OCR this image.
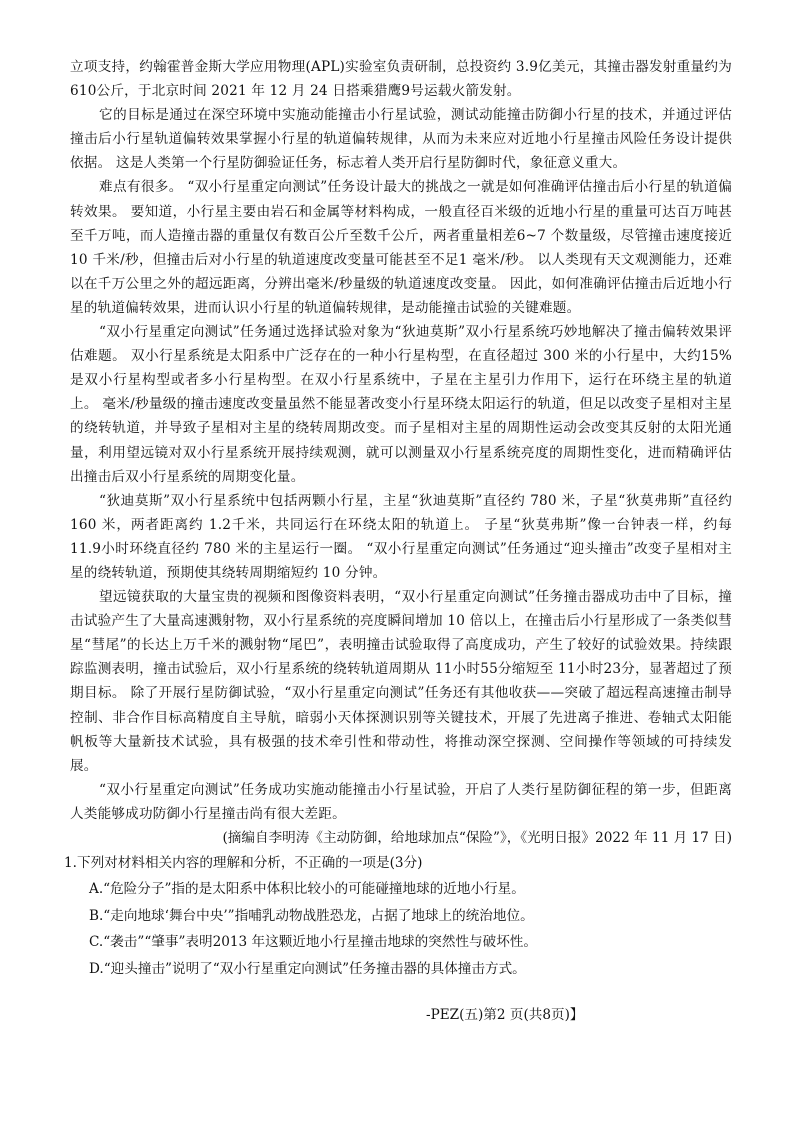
立项支持，约翰霍普金斯大学应用物理(APL)实验室负责研制，总投资约 3.9亿美元，其撞击器发射重量约为610公斤，于北京时间 2021 年 12 月 24 日搭乘猎鹰9号运载火箭发射。

它的目标是通过在深空环境中实施动能撞击小行星试验，测试动能撞击防御小行星的技术，并通过评估撞击后小行星轨道偏转效果掌握小行星的轨道偏转规律，从而为未来应对近地小行星撞击风险任务设计提供依据。 这是人类第一个行星防御验证任务，标志着人类开启行星防御时代，象征意义重大。

难点有很多。 “双小行星重定向测试”任务设计最大的挑战之一就是如何准确评估撞击后小行星的轨道偏转效果。 要知道，小行星主要由岩石和金属等材料构成，一般直径百米级的近地小行星的重量可达百万吨甚至千万吨，而人造撞击器的重量仅有数百公斤至数千公斤，两者重量相差6~7 个数量级，尽管撞击速度接近 10 千米/秒，但撞击后对小行星的轨道速度改变量可能甚至不足1 毫米/秒。 以人类现有天文观测能力，还难以在千万公里之外的超远距离，分辨出毫米/秒量级的轨道速度改变量。 因此，如何准确评估撞击后近地小行星的轨道偏转效果，进而认识小行星的轨道偏转规律，是动能撞击试验的关键难题。

“双小行星重定向测试”任务通过选择试验对象为“狄迪莫斯”双小行星系统巧妙地解决了撞击偏转效果评估难题。 双小行星系统是太阳系中广泛存在的一种小行星构型，在直径超过 300 米的小行星中，大约15%是双小行星构型或者多小行星构型。在双小行星系统中，子星在主星引力作用下，运行在环绕主星的轨道上。 毫米/秒量级的撞击速度改变量虽然不能显著改变小行星环绕太阳运行的轨道，但足以改变子星相对主星的绕转轨道，并导致子星相对主星的绕转周期改变。而子星相对主星的周期性运动会改变其反射的太阳光通量，利用望远镜对双小行星系统开展持续观测，就可以测量双小行星系统亮度的周期性变化，进而精确评估出撞击后双小行星系统的周期变化量。

“狄迪莫斯”双小行星系统中包括两颗小行星，主星“狄迪莫斯”直径约 780 米，子星“狄莫弗斯”直径约 160 米，两者距离约 1.2千米，共同运行在环绕太阳的轨道上。 子星“狄莫弗斯”像一台钟表一样，约每 11.9小时环绕直径约 780 米的主星运行一圈。 “双小行星重定向测试”任务通过“迎头撞击”改变子星相对主星的绕转轨道，预期使其绕转周期缩短约 10 分钟。

望远镜获取的大量宝贵的视频和图像资料表明，“双小行星重定向测试”任务撞击器成功击中了目标，撞击试验产生了大量高速溅射物，双小行星系统的亮度瞬间增加 10 倍以上，在撞击后小行星形成了一条类似彗星“彗尾”的长达上万千米的溅射物“尾巴”，表明撞击试验取得了高度成功，产生了较好的试验效果。持续跟踪监测表明，撞击试验后，双小行星系统的绕转轨道周期从 11小时55分缩短至 11小时23分，显著超过了预期目标。 除了开展行星防御试验，“双小行星重定向测试”任务还有其他收获——突破了超远程高速撞击制导控制、非合作目标高精度自主导航，暗弱小天体探测识别等关键技术，开展了先进离子推进、卷轴式太阳能帆板等大量新技术试验，具有极强的技术牵引性和带动性，将推动深空探测、空间操作等领域的可持续发展。

“双小行星重定向测试”任务成功实施动能撞击小行星试验，开启了人类行星防御征程的第一步，但距离人类能够成功防御小行星撞击尚有很大差距。

(摘编自李明涛《主动防御，给地球加点“保险”》，《光明日报》2022 年 11 月 17 日)

1.下列对材料相关内容的理解和分析，不正确的一项是(3分)

A.“危险分子”指的是太阳系中体积比较小的可能碰撞地球的近地小行星。

B.“走向地球‘舞台中央’”指哺乳动物战胜恐龙，占据了地球上的统治地位。

C.“袭击”“肇事”表明2013 年这颗近地小行星撞击地球的突然性与破坏性。

D.“迎头撞击”说明了“双小行星重定向测试”任务撞击器的具体撞击方式。

-PEZ(五)第2 页(共8页)】
